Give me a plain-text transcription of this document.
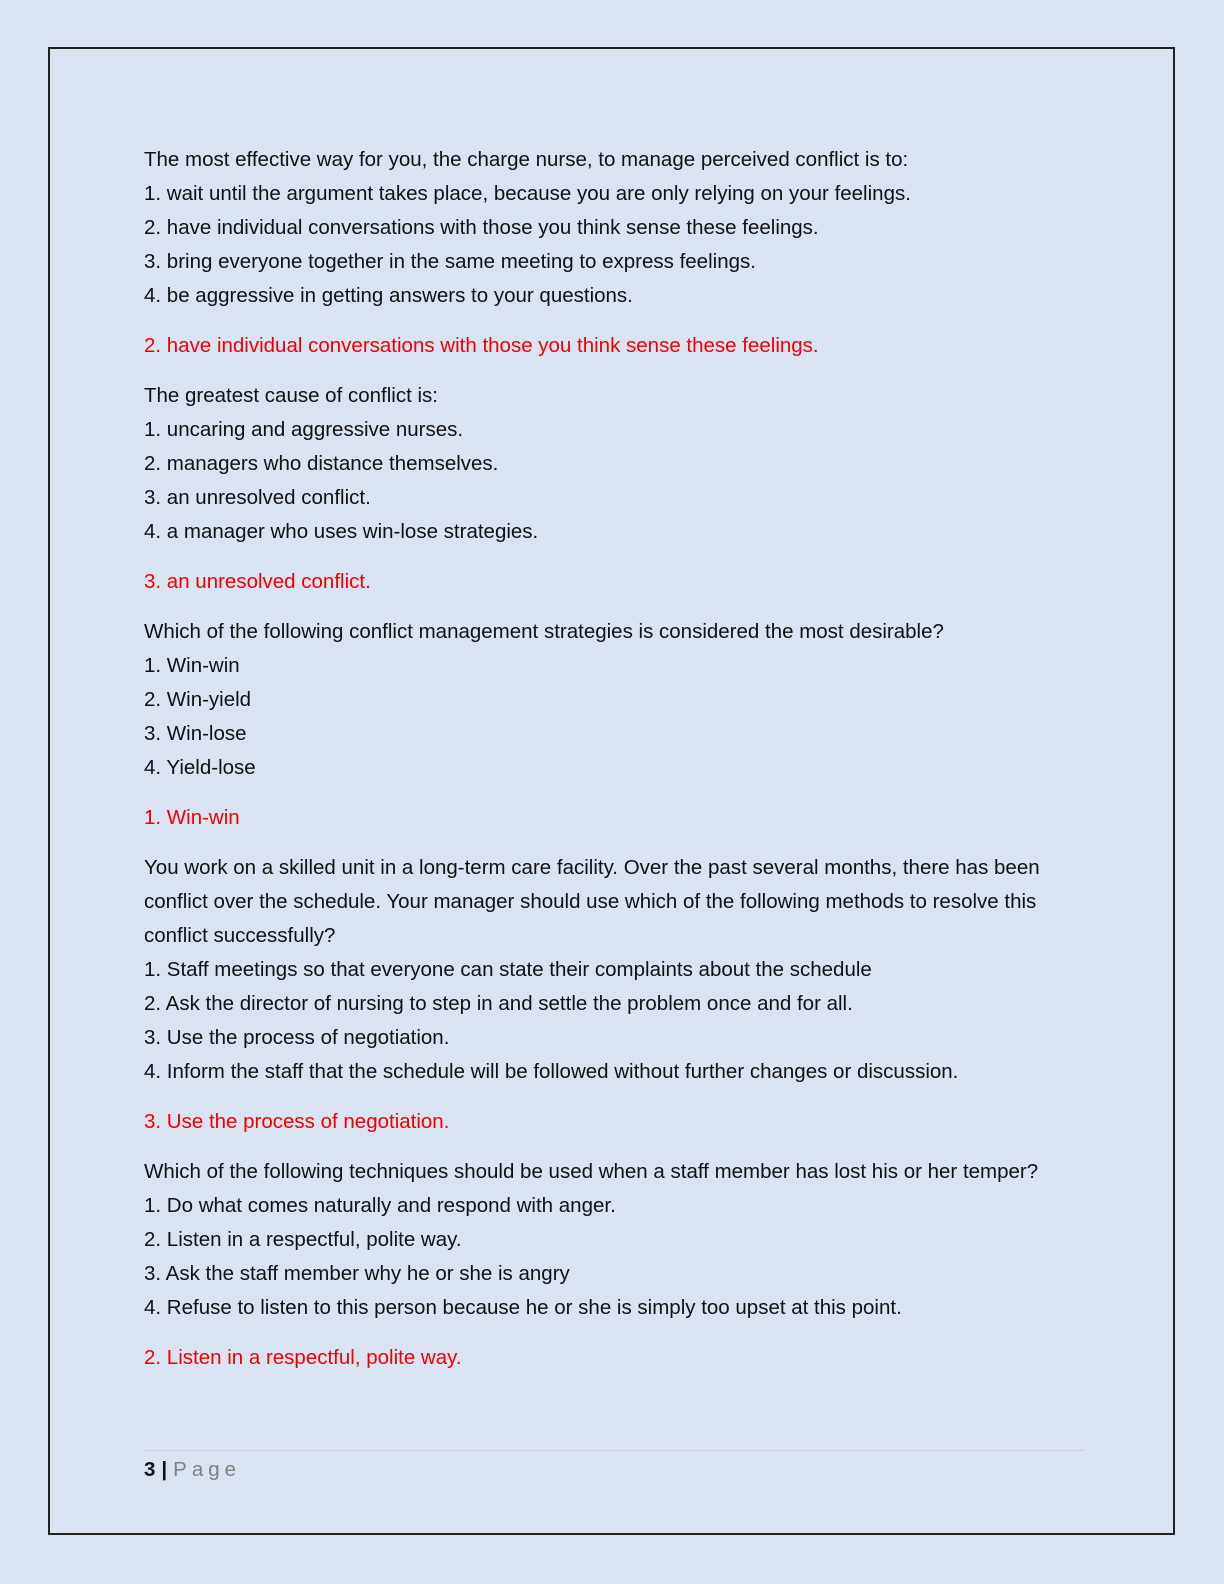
The most effective way for you, the charge nurse, to manage perceived conflict is to:

1. wait until the argument takes place, because you are only relying on your feelings.

2. have individual conversations with those you think sense these feelings.

3. bring everyone together in the same meeting to express feelings.

4. be aggressive in getting answers to your questions.

2. have individual conversations with those you think sense these feelings.

The greatest cause of conflict is:

1. uncaring and aggressive nurses.

2. managers who distance themselves.

3. an unresolved conflict.

4. a manager who uses win-lose strategies.

3. an unresolved conflict.

Which of the following conflict management strategies is considered the most desirable?

1. Win-win

2. Win-yield

3. Win-lose

4. Yield-lose

1. Win-win

You work on a skilled unit in a long-term care facility. Over the past several months, there has been conflict over the schedule. Your manager should use which of the following methods to resolve this conflict successfully?

1. Staff meetings so that everyone can state their complaints about the schedule

2. Ask the director of nursing to step in and settle the problem once and for all.

3. Use the process of negotiation.

4. Inform the staff that the schedule will be followed without further changes or discussion.

3. Use the process of negotiation.

Which of the following techniques should be used when a staff member has lost his or her temper?

1. Do what comes naturally and respond with anger.

2. Listen in a respectful, polite way.

3. Ask the staff member why he or she is angry

4. Refuse to listen to this person because he or she is simply too upset at this point.

2. Listen in a respectful, polite way.

3 | Page
